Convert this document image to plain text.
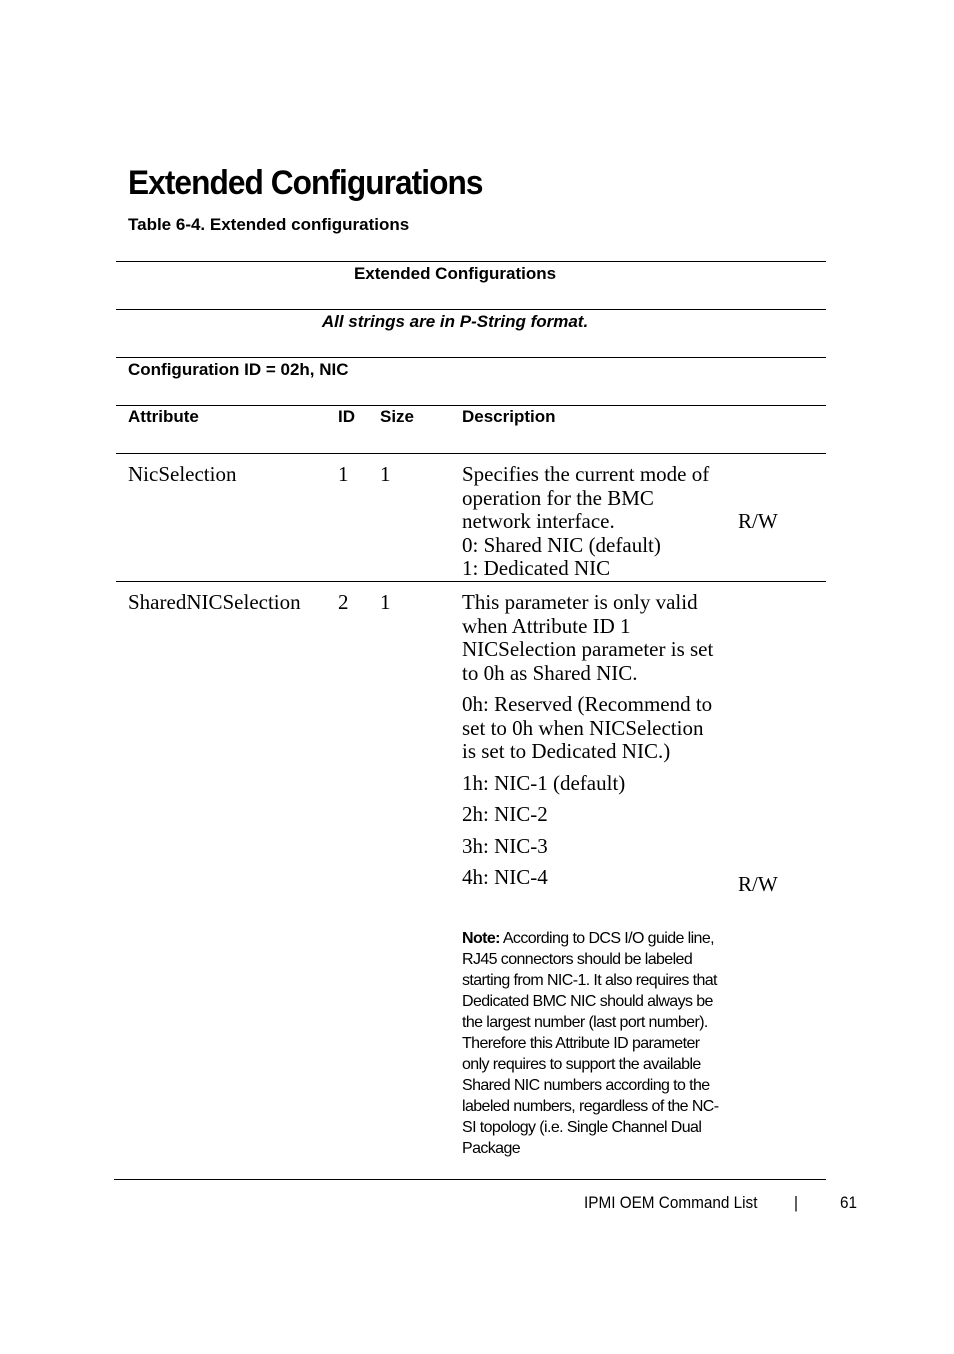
Extended Configurations
Table 6-4. Extended configurations
Extended Configurations
All strings are in P-String format.
Configuration ID = 02h, NIC
Attribute	ID Size	Description
NicSelection	1 1	Specifies the current mode of operation for the BMC network interface.
0: Shared NIC (default)
1: Dedicated NIC
R/W
SharedNICSelection 2 1	This parameter is only valid when Attribute ID 1 NICSelection parameter is set to 0h as Shared NIC.

0h: Reserved (Recommend to set to 0h when NICSelection is set to Dedicated NIC.)

1h: NIC-1 (default)

2h: NIC-2

3h: NIC-3

4h: NIC-4

Note: According to DCS I/O guide line, RJ45 connectors should be labeled starting from NIC-1. It also requires that Dedicated BMC NIC should always be the largest number (last port number). Therefore this Attribute ID parameter only requires to support the available Shared NIC numbers according to the labeled numbers, regardless of the NC-SI topology (i.e. Single Channel Dual Package
R/W
IPMI OEM Command List | 61
